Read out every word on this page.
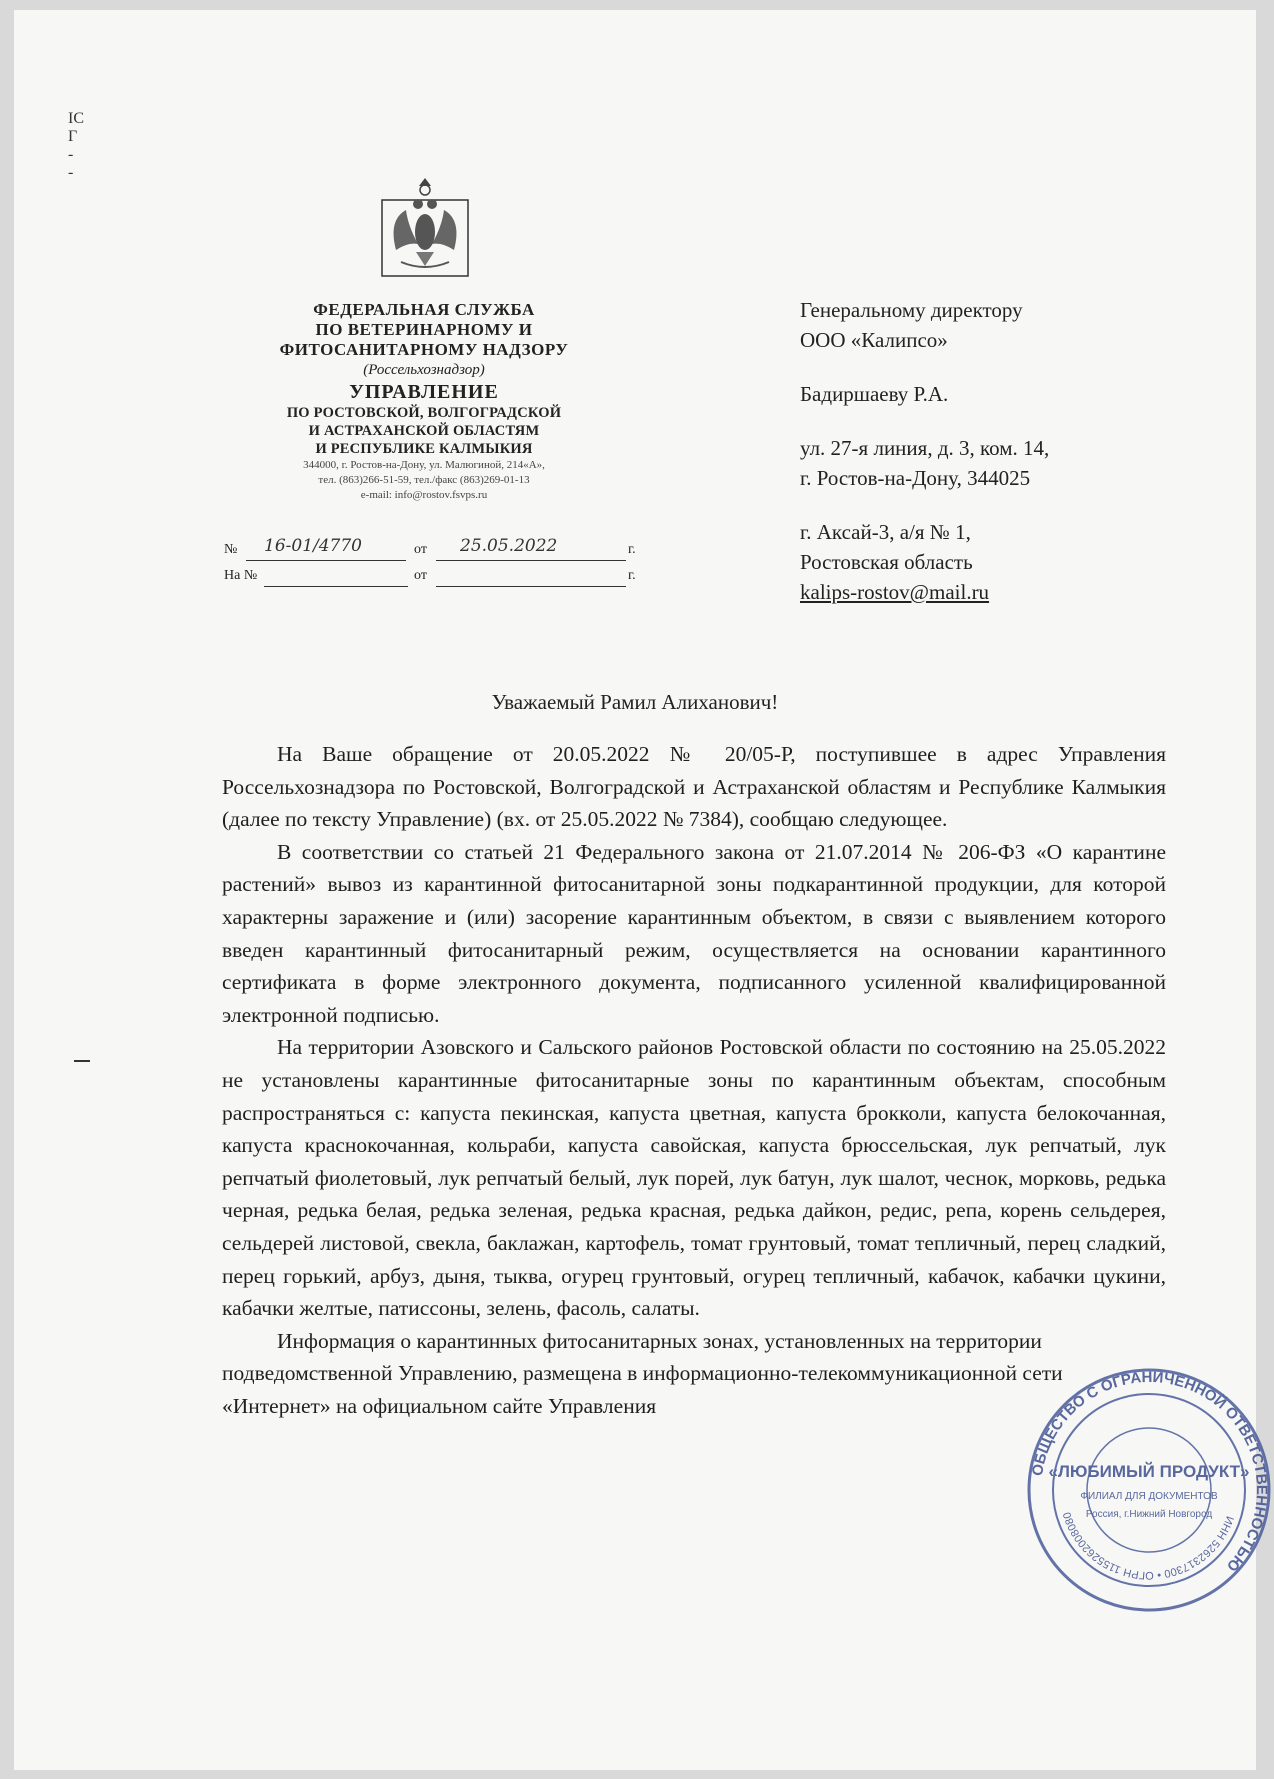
IC
Г
-
-
ФЕДЕРАЛЬНАЯ СЛУЖБА
ПО ВЕТЕРИНАРНОМУ И
ФИТОСАНИТАРНОМУ НАДЗОРУ
(Россельхознадзор)
УПРАВЛЕНИЕ
ПО РОСТОВСКОЙ, ВОЛГОГРАДСКОЙ
И АСТРАХАНСКОЙ ОБЛАСТЯМ
И РЕСПУБЛИКЕ КАЛМЫКИЯ
344000, г. Ростов-на-Дону, ул. Малюгиной, 214«А»,
тел. (863)266-51-59, тел./факс (863)269-01-13
e-mail: info@rostov.fsvps.ru
№ 16-01/4770	от 25.05.2022	г.
На №	от	г.
Генеральному директору
ООО «Калипсо»
Бадиршаеву Р.А.
ул. 27-я линия, д. 3, ком. 14,
г. Ростов-на-Дону, 344025
г. Аксай-3, а/я № 1,
Ростовская область
kalips-rostov@mail.ru
Уважаемый Рамил Алиханович!

На Ваше обращение от 20.05.2022 № 20/05-Р, поступившее в адрес Управления Россельхознадзора по Ростовской, Волгоградской и Астраханской областям и Республике Калмыкия (далее по тексту Управление) (вх. от 25.05.2022 № 7384), сообщаю следующее.

В соответствии со статьей 21 Федерального закона от 21.07.2014 № 206-ФЗ «О карантине растений» вывоз из карантинной фитосанитарной зоны подкарантинной продукции, для которой характерны заражение и (или) засорение карантинным объектом, в связи с выявлением которого введен карантинный фитосанитарный режим, осуществляется на основании карантинного сертификата в форме электронного документа, подписанного усиленной квалифицированной электронной подписью.

На территории Азовского и Сальского районов Ростовской области по состоянию на 25.05.2022 не установлены карантинные фитосанитарные зоны по карантинным объектам, способным распространяться с: капуста пекинская, капуста цветная, капуста брокколи, капуста белокочанная, капуста краснокочанная, кольраби, капуста савойская, капуста брюссельская, лук репчатый, лук репчатый фиолетовый, лук репчатый белый, лук порей, лук батун, лук шалот, чеснок, морковь, редька черная, редька белая, редька зеленая, редька красная, редька дайкон, редис, репа, корень сельдерея, сельдерей листовой, свекла, баклажан, картофель, томат грунтовый, томат тепличный, перец сладкий, перец горький, арбуз, дыня, тыква, огурец грунтовый, огурец тепличный, кабачок, кабачки цукини, кабачки желтые, патиссоны, зелень, фасоль, салаты.

Информация о карантинных фитосанитарных зонах, установленных на территории подведомственной Управлению, размещена в информационно-телекоммуникационной сети «Интернет» на официальном сайте Управления

ОБЩЕСТВО С ОГРАНИЧЕННОЙ ОТВЕТСТВЕННОСТЬЮ
ИНН 5262317300 • ОГРН 1155262008080
«ЛЮБИМЫЙ ПРОДУКТ»
ФИЛИАЛ ДЛЯ ДОКУМЕНТОВ
Россия, г.Нижний Новгород
